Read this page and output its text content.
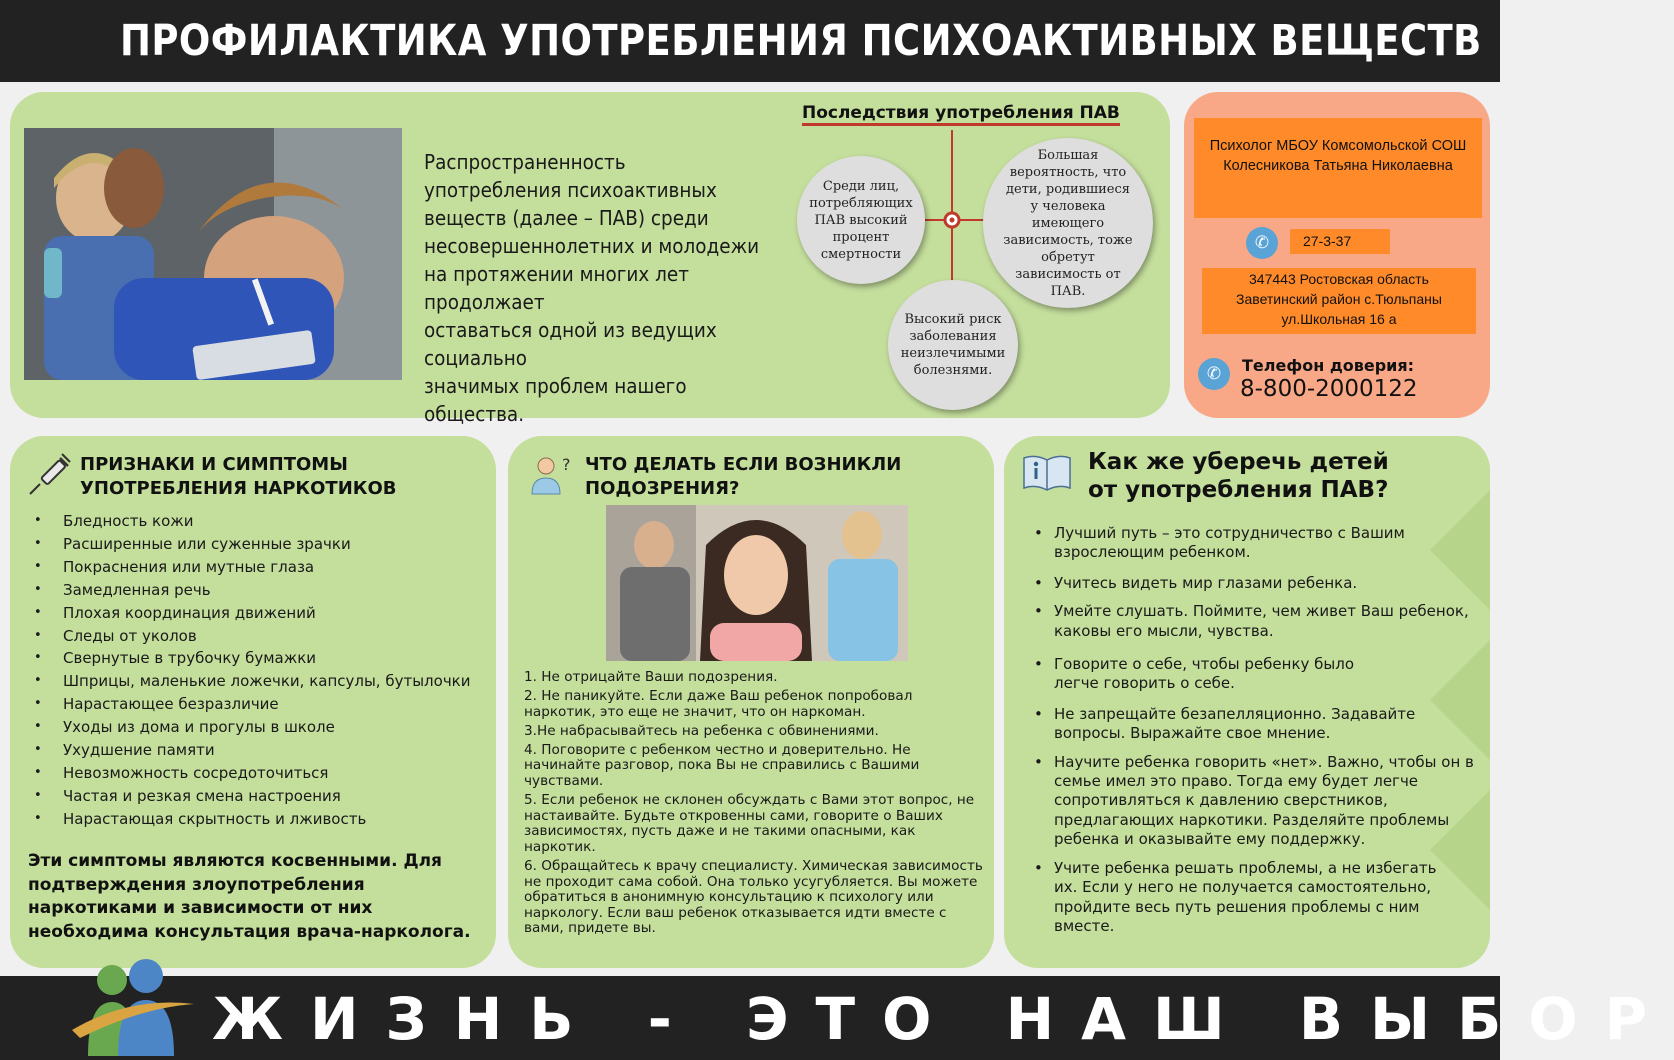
ПРОФИЛАКТИКА УПОТРЕБЛЕНИЯ ПСИХОАКТИВНЫХ ВЕЩЕСТВ
Распространенность
употребления психоактивных
веществ (далее – ПАВ) среди
несовершеннолетних и молодежи
на протяжении многих лет продолжает
оставаться одной из ведущих социально
значимых проблем нашего общества.
Последствия употребления ПАВ
Среди лиц, потребляющих ПАВ высокий процент смертности
Большая вероятность, что дети, родившиеся у человека имеющего зависимость, тоже обретут зависимость от ПАВ.
Высокий риск заболевания неизлечимыми болезнями.
Психолог МБОУ Комсомольской СОШ
Колесникова Татьяна Николаевна
✆	27-3-37
347443 Ростовская область
Заветинский район с.Тюльпаны
ул.Школьная 16 а
✆	Телефон доверия:
8-800-2000122
ПРИЗНАКИ И СИМПТОМЫ
УПОТРЕБЛЕНИЯ НАРКОТИКОВ
• Бледность кожи
• Расширенные или суженные зрачки
• Покраснения или мутные глаза
• Замедленная речь
• Плохая координация движений
• Следы от уколов
• Свернутые в трубочку бумажки
• Шприцы, маленькие ложечки, капсулы, бутылочки
• Нарастающее безразличие
• Уходы из дома и прогулы в школе
• Ухудшение памяти
• Невозможность сосредоточиться
• Частая и резкая смена настроения
• Нарастающая скрытность и лживость
Эти симптомы являются косвенными. Для подтверждения злоупотребления наркотиками и зависимости от них необходима консультация врача-нарколога.
? ЧТО ДЕЛАТЬ ЕСЛИ ВОЗНИКЛИ
ПОДОЗРЕНИЯ?

1. Не отрицайте Ваши подозрения.

2. Не паникуйте. Если даже Ваш ребенок попробовал наркотик, это еще не значит, что он наркоман.

3.Не набрасывайтесь на ребенка с обвинениями.

4. Поговорите с ребенком честно и доверительно. Не начинайте разговор, пока Вы не справились с Вашими чувствами.

5. Если ребенок не склонен обсуждать с Вами этот вопрос, не настаивайте. Будьте откровенны сами, говорите о Ваших зависимостях, пусть даже и не такими опасными, как наркотик.

6. Обращайтесь к врачу специалисту. Химическая зависимость не проходит сама собой. Она только усугубляется. Вы можете обратиться в анонимную консультацию к психологу или наркологу. Если ваш ребенок отказывается идти вместе с вами, придете вы.

Как же уберечь детей
от употребления ПАВ?
• Лучший путь – это сотрудничество с Вашим взрослеющим ребенком.
• Учитесь видеть мир глазами ребенка.
• Умейте слушать. Поймите, чем живет Ваш ребенок, каковы его мысли, чувства.
• Говорите о себе, чтобы ребенку было легче говорить о себе.
• Не запрещайте безапелляционно. Задавайте вопросы. Выражайте свое мнение.
• Научите ребенка говорить «нет». Важно, чтобы он в семье имел это право. Тогда ему будет легче сопротивляться к давлению сверстников, предлагающих наркотики. Разделяйте проблемы ребенка и оказывайте ему поддержку.
• Учите ребенка решать проблемы, а не избегать их. Если у него не получается самостоятельно, пройдите весь путь решения проблемы с ним вместе.
ЖИЗНЬ - ЭТО НАШ ВЫБОР
